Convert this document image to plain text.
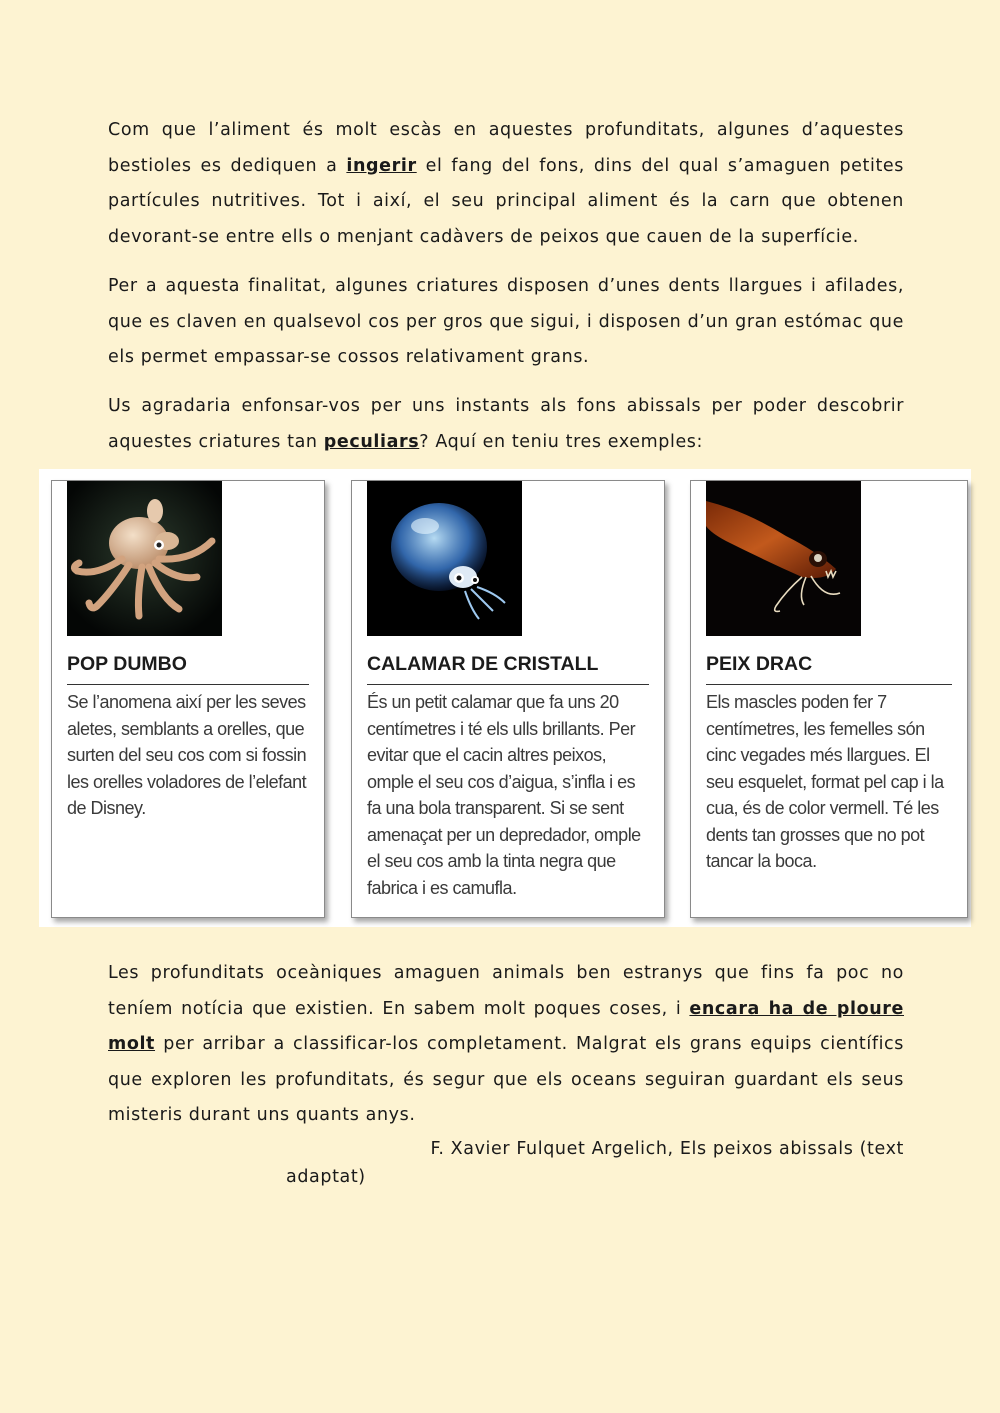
Com que l’aliment és molt escàs en aquestes profunditats, algunes d’aquestes bestioles es dediquen a ingerir el fang del fons, dins del qual s’amaguen petites partícules nutritives. Tot i així, el seu principal aliment és la carn que obtenen devorant-se entre ells o menjant cadàvers de peixos que cauen de la superfície.

Per a aquesta finalitat, algunes criatures disposen d’unes dents llargues i afilades, que es claven en qualsevol cos per gros que sigui, i disposen d’un gran estómac que els permet empassar-se cossos relativament grans.

Us agradaria enfonsar-vos per uns instants als fons abissals per poder descobrir aquestes criatures tan peculiars? Aquí en teniu tres exemples:

POP DUMBO

Se l’anomena així per les seves aletes, semblants a orelles, que surten del seu cos com si fossin les orelles voladores de l’elefant de Disney.

CALAMAR DE CRISTALL

És un petit calamar que fa uns 20 centímetres i té els ulls brillants. Per evitar que el cacin altres peixos, omple el seu cos d’aigua, s’infla i es fa una bola transparent. Si se sent amenaçat per un depredador, omple el seu cos amb la tinta negra que fabrica i es camufla.

PEIX DRAC

Els mascles poden fer 7 centímetres, les femelles són cinc vegades més llargues. El seu esquelet, format pel cap i la cua, és de color vermell. Té les dents tan grosses que no pot tancar la boca.

Les profunditats oceàniques amaguen animals ben estranys que fins fa poc no teníem notícia que existien. En sabem molt poques coses, i encara ha de ploure molt per arribar a classificar-los completament. Malgrat els grans equips científics que exploren les profunditats, és segur que els oceans seguiran guardant els seus misteris durant uns quants anys.

F. Xavier Fulquet Argelich, Els peixos abissals (text
adaptat)
